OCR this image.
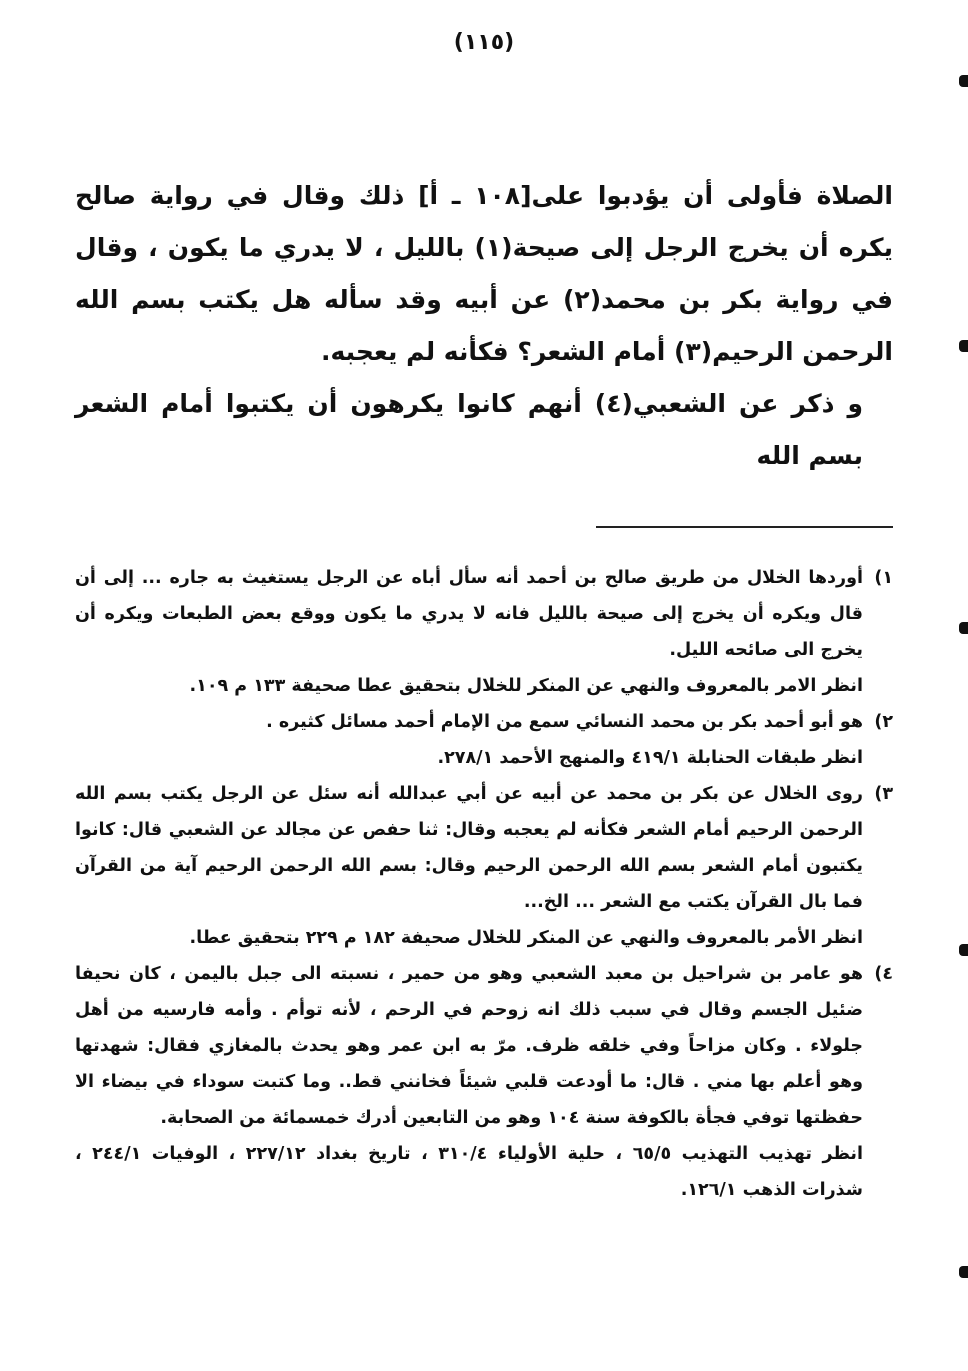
(١١٥)

الصلاة فأولى أن يؤدبوا على[١٠٨ ـ أ] ذلك وقال في رواية صالح يكره أن يخرج الرجل إلى صيحة(١) بالليل ، لا يدري ما يكون ، وقال في رواية بكر بن محمد(٢) عن أبيه وقد سأله هل يكتب بسم الله الرحمن الرحيم(٣) أمام الشعر؟ فكأنه لم يعجبه.

و ذكر عن الشعبي(٤) أنهم كانوا يكرهون أن يكتبوا أمام الشعر بسم الله

١)
أوردها الخلال من طريق صالح بن أحمد أنه سأل أباه عن الرجل يستغيث به جاره ... إلى أن قال ويكره أن يخرج إلى صيحة بالليل فانه لا يدري ما يكون ووقع بعض الطبعات ويكره أن يخرج الى صائحه الليل.
انظر الامر بالمعروف والنهي عن المنكر للخلال بتحقيق عطا صحيفة ١٣٣ م ١٠٩.
٢)
هو أبو أحمد بكر بن محمد النسائي سمع من الإمام أحمد مسائل كثيره .
انظر طبقات الحنابلة ٤١٩/١ والمنهج الأحمد ٢٧٨/١.
٣)
روى الخلال عن بكر بن محمد عن أبيه عن أبي عبدالله أنه سئل عن الرجل يكتب بسم الله الرحمن الرحيم أمام الشعر فكأنه لم يعجبه وقال: ثنا حفص عن مجالد عن الشعبي قال: كانوا يكتبون أمام الشعر بسم الله الرحمن الرحيم وقال: بسم الله الرحمن الرحيم آية من القرآن فما بال القرآن يكتب مع الشعر ... الخ...
انظر الأمر بالمعروف والنهي عن المنكر للخلال صحيفة ١٨٢ م ٢٢٩ بتحقيق عطا.
٤)
هو عامر بن شراحيل بن معبد الشعبي وهو من حمير ، نسبته الى جبل باليمن ، كان نحيفا ضئيل الجسم وقال في سبب ذلك انه زوحم في الرحم ، لأنه توأم . وأمه فارسيه من أهل جلولاء . وكان مزاحاً وفي خلقه ظرف. مرّ به ابن عمر وهو يحدث بالمغازي فقال: شهدتها وهو أعلم بها مني . قال: ما أودعت قلبي شيئاً فخانني قط.. وما كتبت سوداء في بيضاء الا حفظتها توفي فجأة بالكوفة سنة ١٠٤ وهو من التابعين أدرك خمسمائة من الصحابة.
انظر تهذيب التهذيب ٦٥/٥ ، حلية الأولياء ٣١٠/٤ ، تاريخ بغداد ٢٢٧/١٢ ، الوفيات ٢٤٤/١ ، شذرات الذهب ١٢٦/١.
